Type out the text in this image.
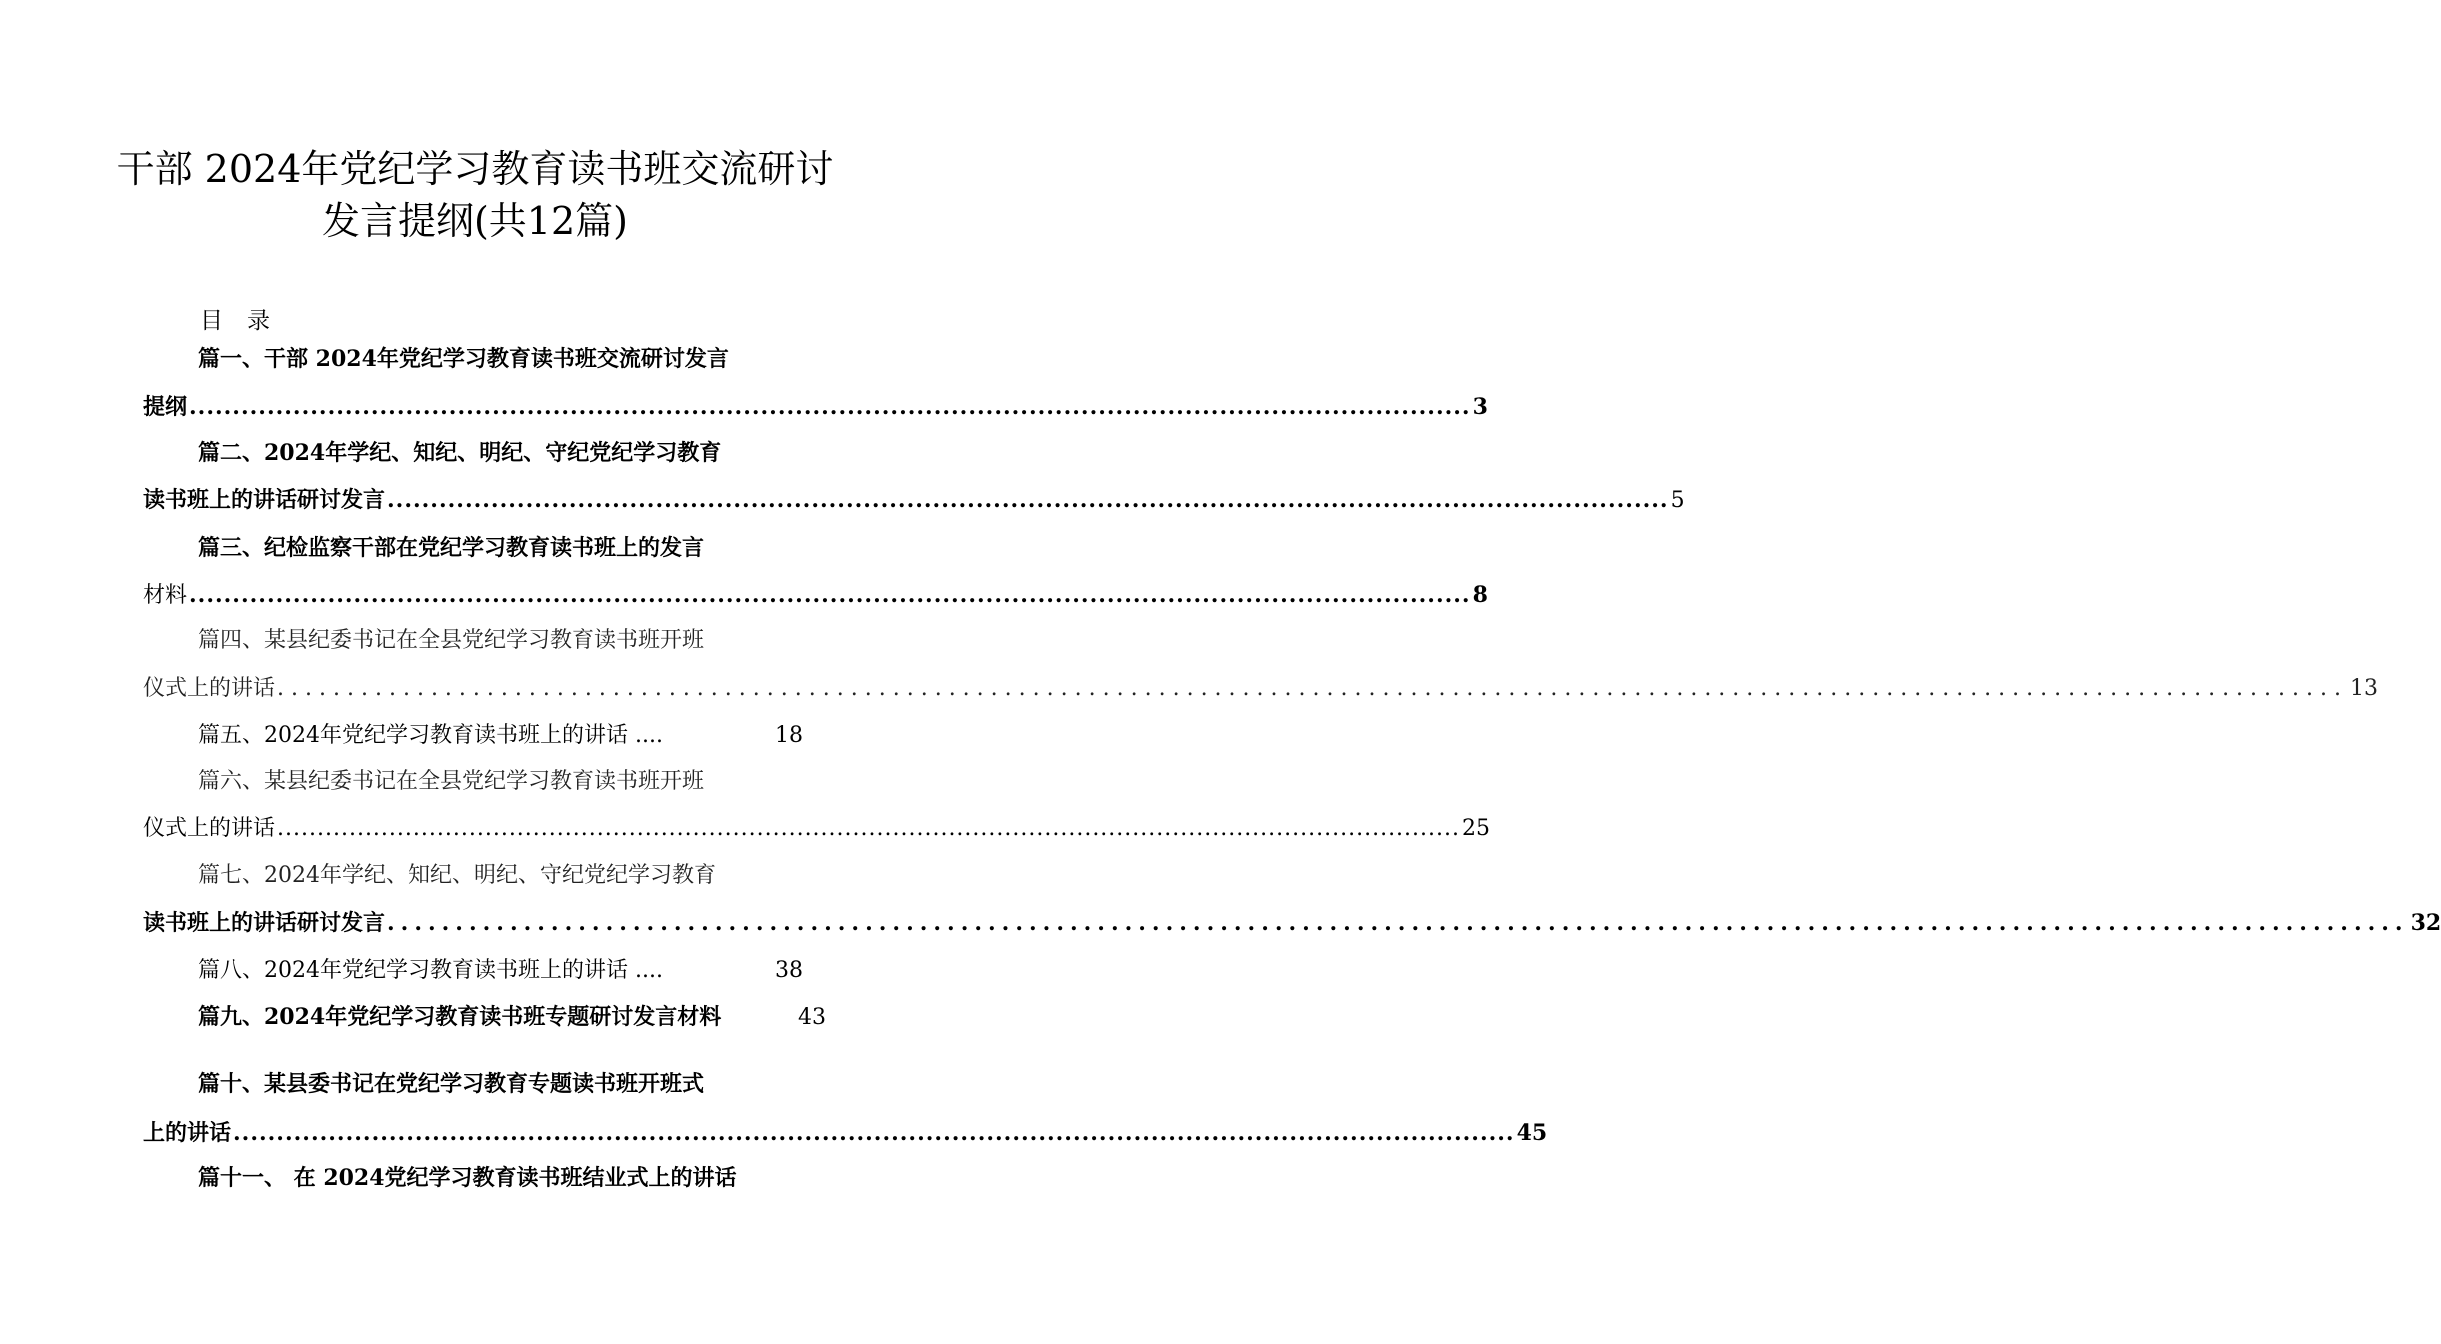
干部 2024年党纪学习教育读书班交流研讨
发言提纲(共12篇)
目录
篇一、干部 2024年党纪学习教育读书班交流研讨发言
提纲 .................................................................................................................................................... 3
篇二、2024年学纪、知纪、明纪、守纪党纪学习教育
读书班上的讲话研讨发言 .................................................................................................................................................... 5
篇三、纪检监察干部在党纪学习教育读书班上的发言
材料 .................................................................................................................................................... 8
篇四、某县纪委书记在全县党纪学习教育读书班开班
仪式上的讲话 .................................................................................................................................................... 13
篇五、2024年党纪学习教育读书班上的讲话 ....	18
篇六、某县纪委书记在全县党纪学习教育读书班开班
仪式上的讲话 .................................................................................................................................................... 25
篇七、2024年学纪、知纪、明纪、守纪党纪学习教育
读书班上的讲话研讨发言 .................................................................................................................................................... 32
篇八、2024年党纪学习教育读书班上的讲话 ....	38
篇九、2024年党纪学习教育读书班专题研讨发言材料	43
篇十、某县委书记在党纪学习教育专题读书班开班式
上的讲话 .................................................................................................................................................... 45
篇十一、 在 2024党纪学习教育读书班结业式上的讲话
